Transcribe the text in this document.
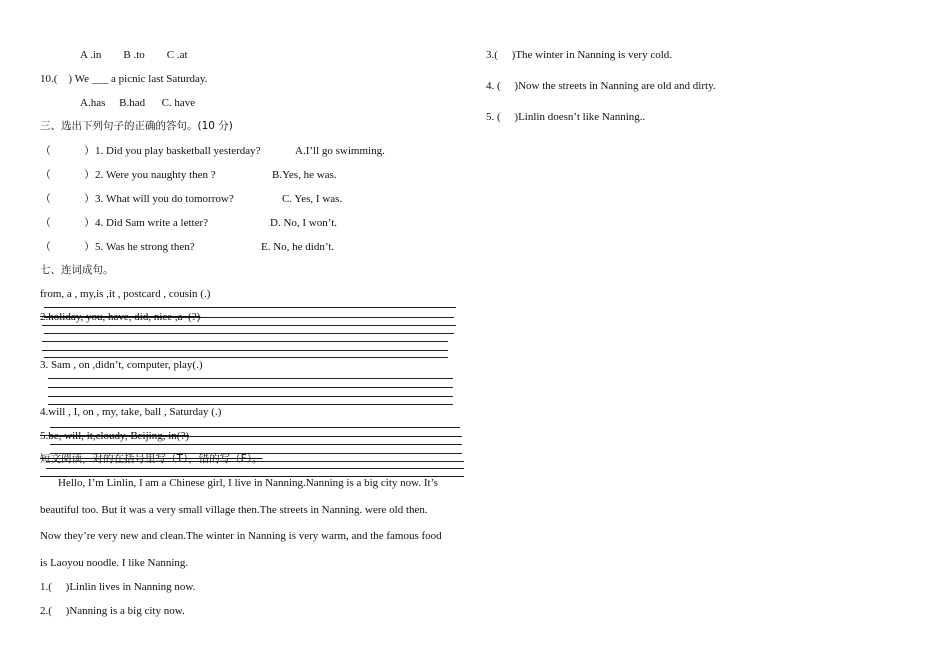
A .in        B .to        C .at
10.(    ) We ___ a picnic last Saturday.
A.has     B.had      C. have
三、选出下列句子的正确的答句。(10 分)
（            ）1. Did you play basketball yesterday?	A.I’ll go swimming.
（            ）2. Were you naughty then ?	B.Yes, he was.
（            ）3. What will you do tomorrow?	C. Yes, I was.
（            ）4. Did Sam write a letter?	D. No, I won’t.
（            ）5. Was he strong then?	E. No, he didn’t.
七、连词成句。
from, a , my,is ,it , postcard , cousin (.)
2.holiday, you, have, did, nice ,a  (?)
3. Sam , on ,didn’t, computer, play(.)
4.will , I, on , my, take, ball , Saturday (.)
5.be, will, it,cloudy, Beijing, in(?)
短文阅读，对的在括号里写（T），错的写（F）。
Hello, I’m Linlin, I am a Chinese girl, I live in Nanning.Nanning is a big city now. It’s
beautiful too. But it was a very small village then.The streets in Nanning. were old then.
Now they’re very new and clean.The winter in Nanning is very warm, and the famous food
is Laoyou noodle. I like Nanning.
1.(     )Linlin lives in Nanning now.
2.(     )Nanning is a big city now.
3.(     )The winter in Nanning is very cold.
4. (     )Now the streets in Nanning are old and dirty.
5. (     )Linlin doesn’t like Nanning..
